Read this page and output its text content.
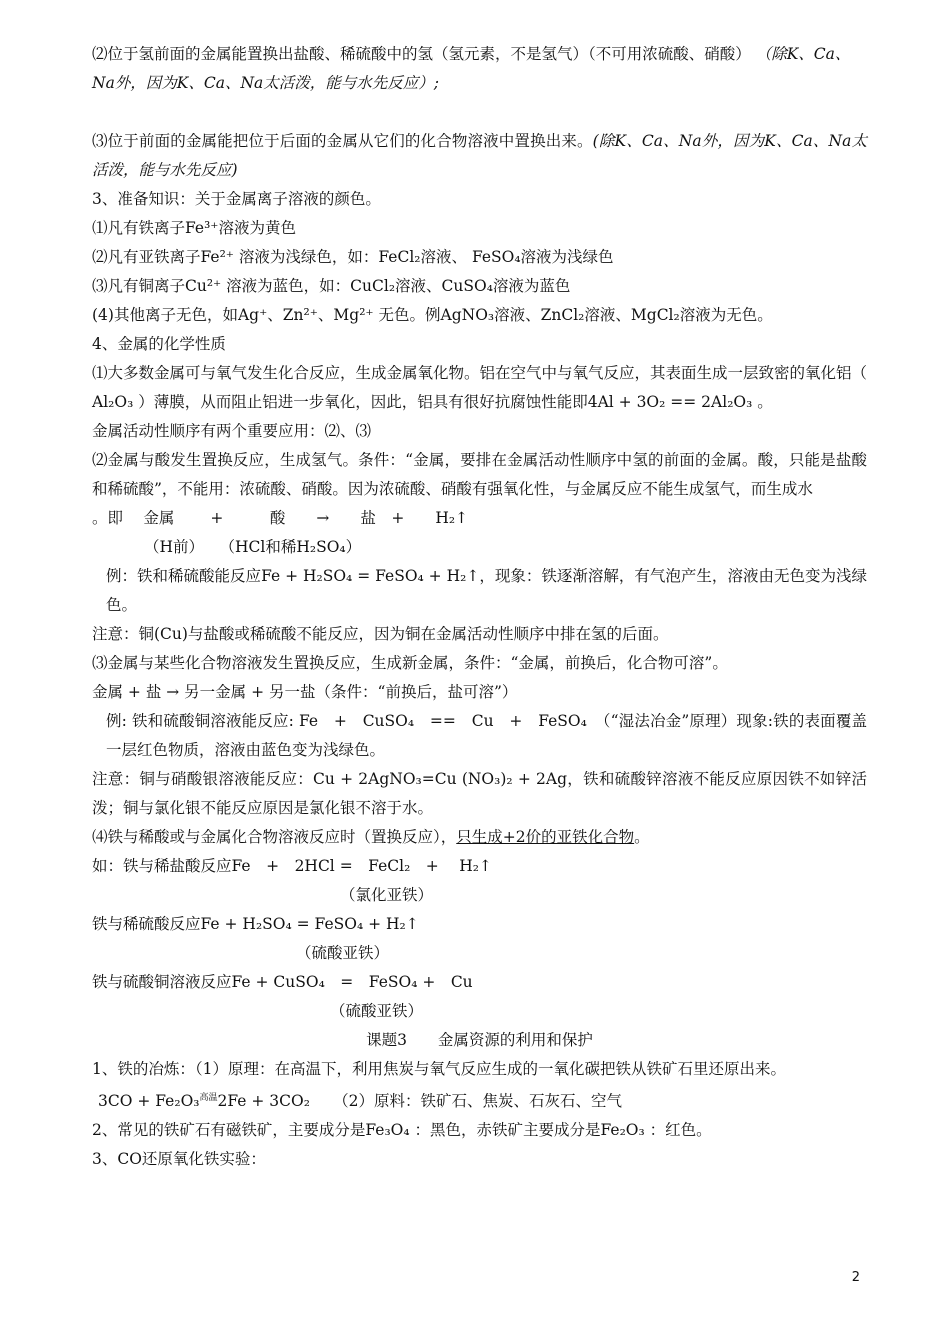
⑵位于氢前面的金属能置换出盐酸、稀硫酸中的氢（氢元素，不是氢气）（不可用浓硫酸、硝酸） （除K、Ca、Na外，因为K、Ca、Na太活泼，能与水先反应）;
⑶位于前面的金属能把位于后面的金属从它们的化合物溶液中置换出来。(除K、Ca、Na外，因为K、Ca、Na太活泼，能与水先反应)
3、准备知识：关于金属离子溶液的颜色。
⑴凡有铁离子Fe³⁺溶液为黄色
⑵凡有亚铁离子Fe²⁺ 溶液为浅绿色，如：FeCl₂溶液、 FeSO₄溶液为浅绿色
⑶凡有铜离子Cu²⁺ 溶液为蓝色，如：CuCl₂溶液、CuSO₄溶液为蓝色
(4)其他离子无色，如Ag⁺、Zn²⁺、Mg²⁺ 无色。例AgNO₃溶液、ZnCl₂溶液、MgCl₂溶液为无色。
4、金属的化学性质
⑴大多数金属可与氧气发生化合反应，生成金属氧化物。铝在空气中与氧气反应，其表面生成一层致密的氧化铝（ Al₂O₃ ）薄膜，从而阻止铝进一步氧化，因此，铝具有很好抗腐蚀性能即4Al + 3O₂ == 2Al₂O₃ 。
金属活动性顺序有两个重要应用：⑵、⑶
⑵金属与酸发生置换反应，生成氢气。条件：“金属，要排在金属活动性顺序中氢的前面的金属。酸，只能是盐酸和稀硫酸”，不能用：浓硫酸、硝酸。因为浓硫酸、硝酸有强氧化性，与金属反应不能生成氢气，而生成水
。即　 金属　　 +　　　酸　　→　　盐　+　　H₂↑
（H前）　　（HCl和稀H₂SO₄）
例：铁和稀硫酸能反应Fe + H₂SO₄ = FeSO₄ + H₂↑，现象：铁逐渐溶解，有气泡产生，溶液由无色变为浅绿色。
注意：铜(Cu)与盐酸或稀硫酸不能反应，因为铜在金属活动性顺序中排在氢的后面。
⑶金属与某些化合物溶液发生置换反应，生成新金属，条件：“金属，前换后，化合物可溶”。
金属 + 盐 → 另一金属 + 另一盐（条件：“前换后，盐可溶”）
例: 铁和硫酸铜溶液能反应: Fe　+　CuSO₄　==　Cu　+　FeSO₄　（“湿法冶金”原理）现象:铁的表面覆盖一层红色物质，溶液由蓝色变为浅绿色。
注意：铜与硝酸银溶液能反应：Cu + 2AgNO₃=Cu (NO₃)₂ + 2Ag，铁和硫酸锌溶液不能反应原因铁不如锌活泼；铜与氯化银不能反应原因是氯化银不溶于水。
⑷铁与稀酸或与金属化合物溶液反应时（置换反应），只生成+2价的亚铁化合物。
如：铁与稀盐酸反应Fe　+　2HCl =　FeCl₂　+　 H₂↑
（氯化亚铁）
铁与稀硫酸反应Fe + H₂SO₄ = FeSO₄ + H₂↑
（硫酸亚铁）
铁与硫酸铜溶液反应Fe + CuSO₄　=　FeSO₄ +　Cu
（硫酸亚铁）
课题3　　金属资源的利用和保护
1、铁的冶炼：（1）原理：在高温下，利用焦炭与氧气反应生成的一氧化碳把铁从铁矿石里还原出来。
3CO + Fe₂O₃$^{高温}$2Fe + 3CO₂　　（2）原料：铁矿石、焦炭、石灰石、空气
2、常见的铁矿石有磁铁矿，主要成分是Fe₃O₄ ：黑色，赤铁矿主要成分是Fe₂O₃ ：红色。
3、CO还原氧化铁实验：
2
